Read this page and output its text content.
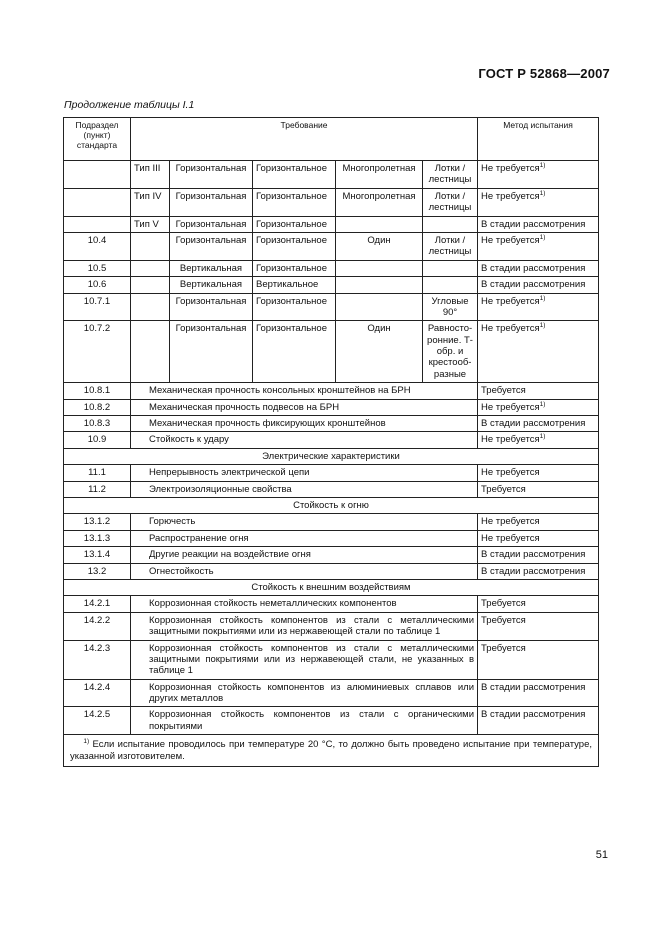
ГОСТ Р 52868—2007
Продолжение таблицы I.1
Подраздел (пункт) стандарта	Требование					Метод испытания
	Тип III	Горизонтальная	Горизонтальное	Многопролетная	Лотки / лестницы	Не требуется$^{1)}$
	Тип IV	Горизонтальная	Горизонтальное	Многопролетная	Лотки / лестницы	Не требуется$^{1)}$
	Тип V	Горизонтальная	Горизонтальное			В стадии рассмотрения
10.4		Горизонтальная	Горизонтальное	Один	Лотки / лестницы	Не требуется$^{1)}$
10.5		Вертикальная	Горизонтальное			В стадии рассмотрения
10.6		Вертикальная	Вертикальное			В стадии рассмотрения
10.7.1		Горизонтальная	Горизонтальное		Угловые 90°	Не требуется$^{1)}$
10.7.2		Горизонтальная	Горизонтальное	Один	Равносто-ронние. Т-обр. и крестооб-разные	Не требуется$^{1)}$
10.8.1	Механическая прочность консольных кронштейнов на БРН					Требуется
10.8.2	Механическая прочность подвесов на БРН					Не требуется$^{1)}$
10.8.3	Механическая прочность фиксирующих кронштейнов					В стадии рассмотрения
10.9	Стойкость к удару					Не требуется$^{1)}$
Электрические характеристики						
11.1	Непрерывность электрической цепи					Не требуется
11.2	Электроизоляционные свойства					Требуется
Стойкость к огню						
13.1.2	Горючесть					Не требуется
13.1.3	Распространение огня					Не требуется
13.1.4	Другие реакции на воздействие огня					В стадии рассмотрения
13.2	Огнестойкость					В стадии рассмотрения
Стойкость к внешним воздействиям						
14.2.1	Коррозионная стойкость неметаллических компонентов					Требуется
14.2.2	Коррозионная стойкость компонентов из стали с металлическими защитными покрытиями или из нержавеющей стали по таблице 1					Требуется
14.2.3	Коррозионная стойкость компонентов из стали с металлическими защитными покрытиями или из нержавеющей стали, не указанных в таблице 1					Требуется
14.2.4	Коррозионная стойкость компонентов из алюминиевых сплавов или других металлов					В стадии рассмотрения
14.2.5	Коррозионная стойкость компонентов из стали с органическими покрытиями					В стадии рассмотрения
$^{1)}$ Если испытание проводилось при температуре 20 °С, то должно быть проведено испытание при температуре, указанной изготовителем.						
51
